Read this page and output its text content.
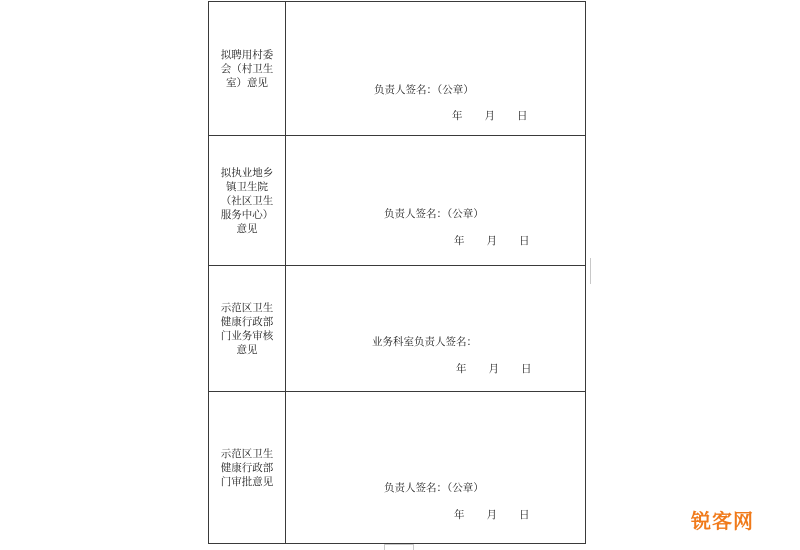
拟聘用村委会（村卫生室）意见	负责人签名：（公章）
年 月 日

拟执业地乡镇卫生院（社区卫生服务中心）意见	负责人签名：（公章）
年 月 日

示范区卫生健康行政部门业务审核意见	业务科室负责人签名：
年 月 日

示范区卫生健康行政部门审批意见	负责人签名：（公章）
年 月 日	锐客网
